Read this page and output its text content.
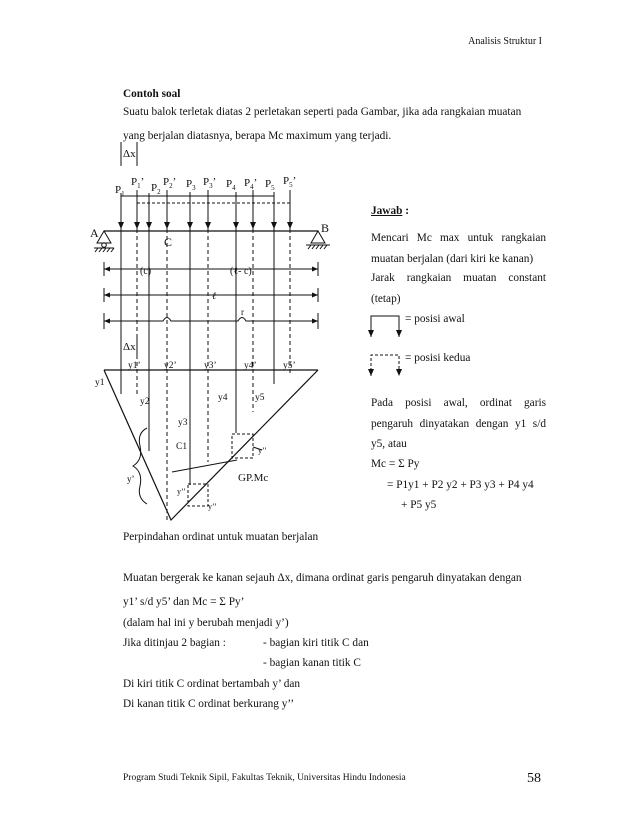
Analisis Struktur I
Contoh soal
Suatu balok terletak diatas 2 perletakan seperti pada Gambar, jika ada rangkaian muatan
yang berjalan diatasnya, berapa Mc maximum yang terjadi.
Δx
$P_1$
$P_1$’ $P_2$
$P_2$’ $P_3$ $P_3$’ $P_4$ $P_4$’ $P_5$
$P_5$’
A	B
C
(c)	(ℓ- c)
ℓ
r
Δx
y1’ y2’	y3’	y4’	y5’
y1
y2
y3
y4	y5
C1
y’
y’’
y’’
y’’
GP.Mc
Jawab :
Mencari Mc max untuk rangkaian
muatan berjalan (dari kiri ke kanan)
Jarak rangkaian muatan constant
(tetap)
= posisi awal
= posisi kedua
Pada posisi awal, ordinat garis
pengaruh dinyatakan dengan y1 s/d
y5, atau
Mc = Σ Py
= P1y1 + P2 y2 + P3 y3 + P4 y4
+ P5 y5
Perpindahan ordinat untuk muatan berjalan
Muatan bergerak ke kanan sejauh Δx, dimana ordinat garis pengaruh dinyatakan dengan
y1’ s/d y5’ dan Mc = Σ Py’
(dalam hal ini y berubah menjadi y’)
Jika ditinjau 2 bagian :	- bagian kiri titik C dan
- bagian kanan titik C
Di kiri titik C ordinat bertambah y’ dan
Di kanan titik C ordinat berkurang y’’
Program Studi Teknik Sipil, Fakultas Teknik, Universitas Hindu Indonesia	58
